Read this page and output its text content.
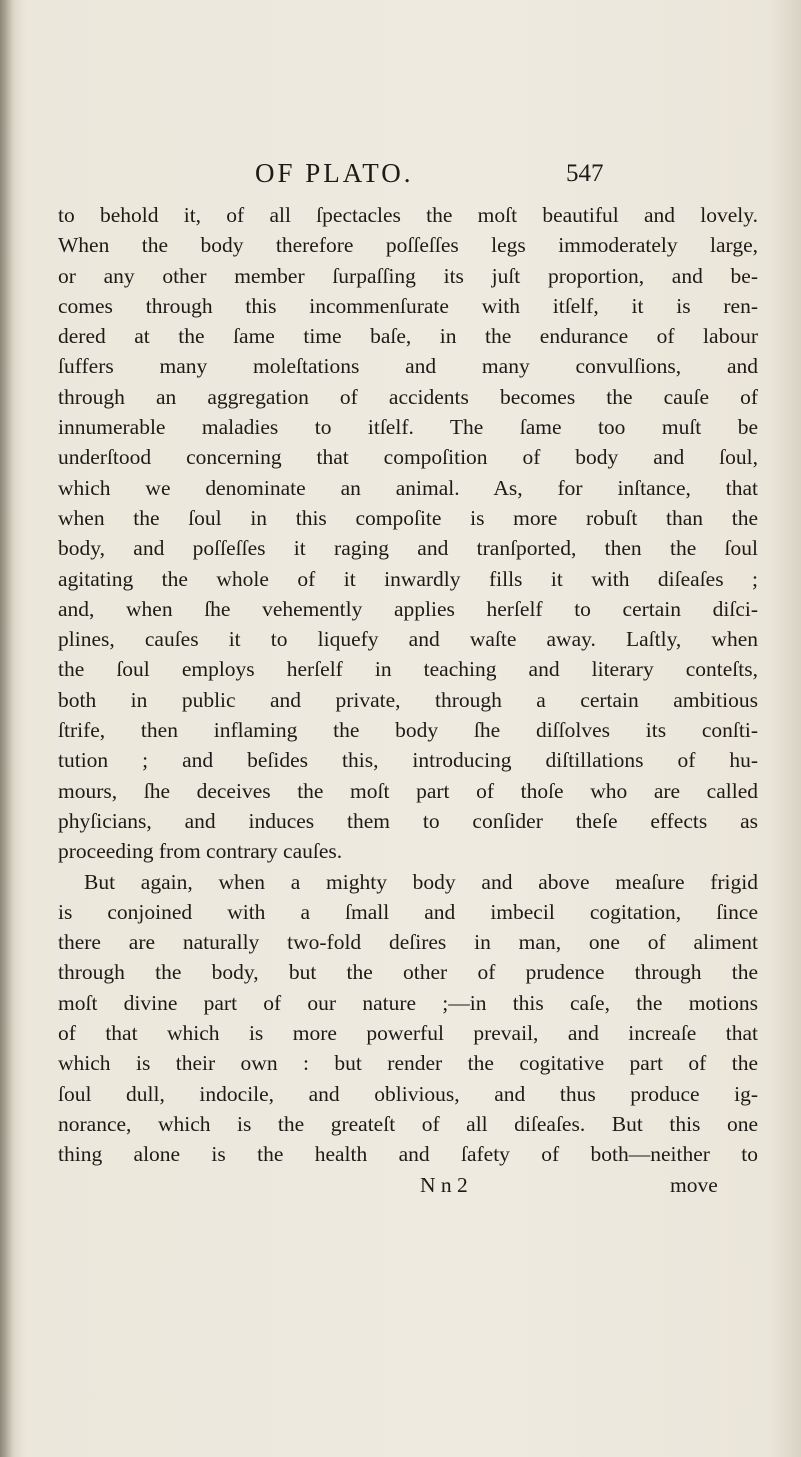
OF PLATO.	547
to behold it, of all ſpectacles the moſt beautiful and lovely.
When the body therefore poſſeſſes legs immoderately large,
or any other member ſurpaſſing its juſt proportion, and be-
comes through this incommenſurate with itſelf, it is ren-
dered at the ſame time baſe, in the endurance of labour
ſuffers many moleſtations and many convulſions, and
through an aggregation of accidents becomes the cauſe of
innumerable maladies to itſelf. The ſame too muſt be
underſtood concerning that compoſition of body and ſoul,
which we denominate an animal. As, for inſtance, that
when the ſoul in this compoſite is more robuſt than the
body, and poſſeſſes it raging and tranſported, then the ſoul
agitating the whole of it inwardly fills it with diſeaſes ;
and, when ſhe vehemently applies herſelf to certain diſci-
plines, cauſes it to liquefy and waſte away. Laſtly, when
the ſoul employs herſelf in teaching and literary conteſts,
both in public and private, through a certain ambitious
ſtrife, then inflaming the body ſhe diſſolves its conſti-
tution ; and beſides this, introducing diſtillations of hu-
mours, ſhe deceives the moſt part of thoſe who are called
phyſicians, and induces them to conſider theſe effects as
proceeding from contrary cauſes.
But again, when a mighty body and above meaſure frigid
is conjoined with a ſmall and imbecil cogitation, ſince
there are naturally two-fold deſires in man, one of aliment
through the body, but the other of prudence through the
moſt divine part of our nature ;—in this caſe, the motions
of that which is more powerful prevail, and increaſe that
which is their own : but render the cogitative part of the
ſoul dull, indocile, and oblivious, and thus produce ig-
norance, which is the greateſt of all diſeaſes. But this one
thing alone is the health and ſafety of both—neither to
N n 2	move
